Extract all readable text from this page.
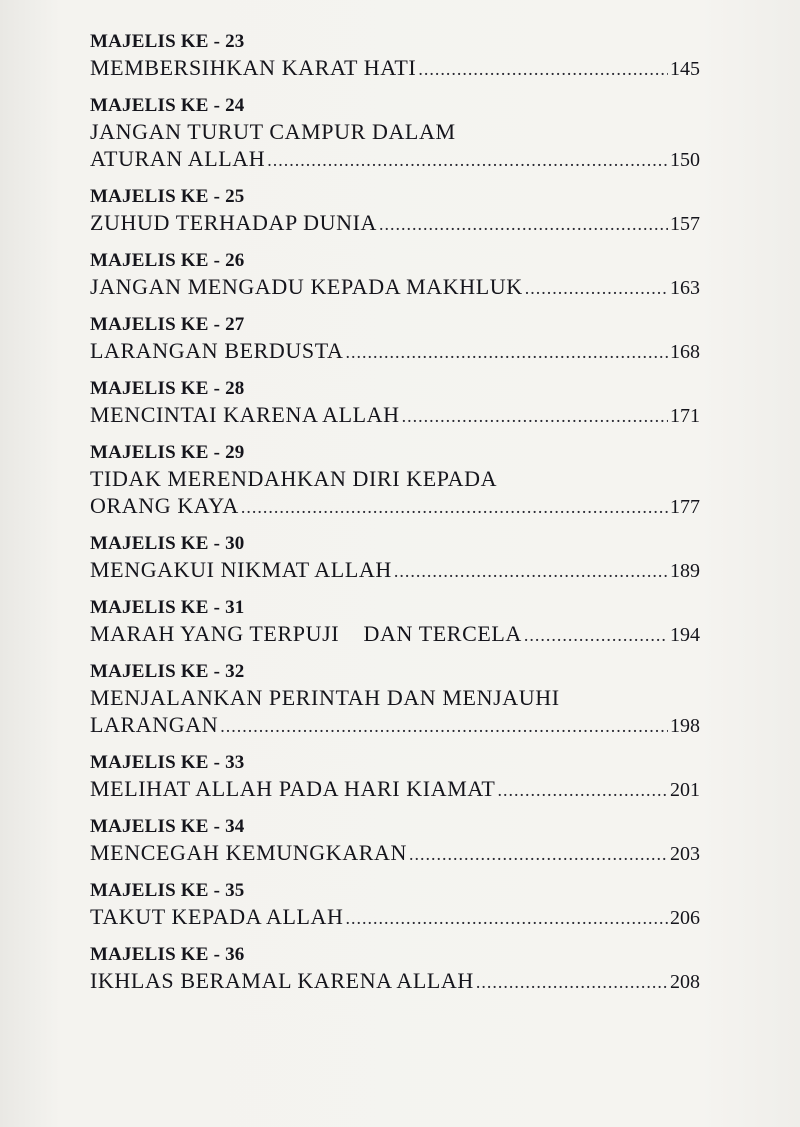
MAJELIS KE - 23
MEMBERSIHKAN KARAT HATI .....	145
MAJELIS KE - 24
JANGAN TURUT CAMPUR DALAM
ATURAN ALLAH .....	150
MAJELIS KE - 25
ZUHUD TERHADAP DUNIA .....	157
MAJELIS KE - 26
JANGAN MENGADU KEPADA MAKHLUK .....	163
MAJELIS KE - 27
LARANGAN BERDUSTA .....	168
MAJELIS KE - 28
MENCINTAI KARENA ALLAH .....	171
MAJELIS KE - 29
TIDAK MERENDAHKAN DIRI KEPADA
ORANG KAYA .....	177
MAJELIS KE - 30
MENGAKUI NIKMAT ALLAH .....	189
MAJELIS KE - 31
MARAH YANG TERPUJI    DAN TERCELA .....	194
MAJELIS KE - 32
MENJALANKAN PERINTAH DAN MENJAUHI
LARANGAN .....	198
MAJELIS KE - 33
MELIHAT ALLAH PADA HARI KIAMAT .....	201
MAJELIS KE - 34
MENCEGAH KEMUNGKARAN .....	203
MAJELIS KE - 35
TAKUT KEPADA ALLAH .....	206
MAJELIS KE - 36
IKHLAS BERAMAL KARENA ALLAH .....	208
